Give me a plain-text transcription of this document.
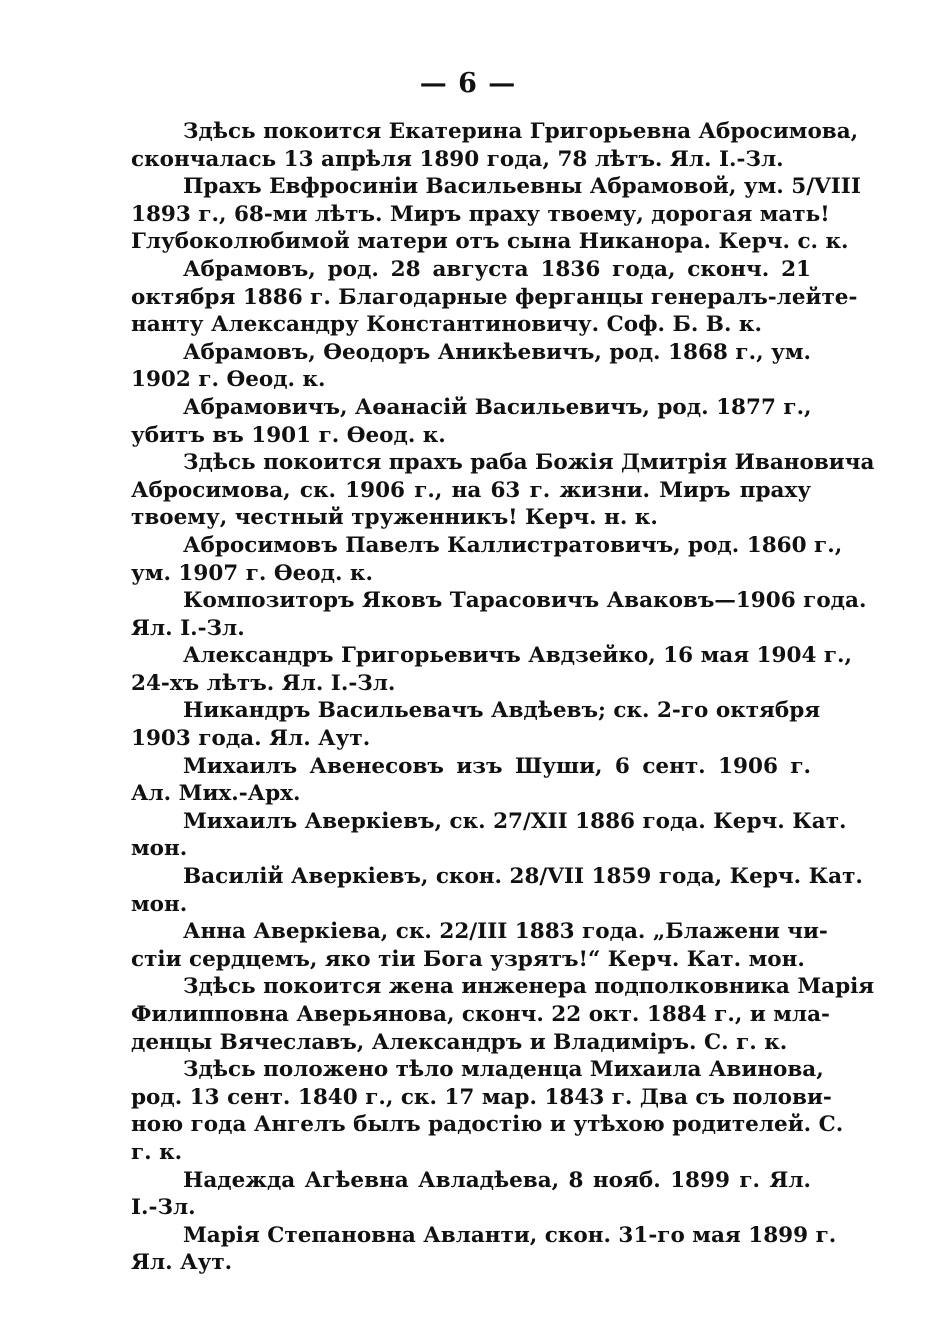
— 6 —
Здѣсь покоится Екатерина Григорьевна Абросимова,
скончалась 13 апрѣля 1890 года, 78 лѣтъ. Ял. I.-Зл.
Прахъ Евфросиніи Васильевны Абрамовой, ум. 5/VIII
1893 г., 68-ми лѣтъ. Миръ праху твоему, дорогая мать!
Глубоколюбимой матери отъ сына Никанора. Керч. с. к.
Абрамовъ, род. 28 августа 1836 года, сконч. 21
октября 1886 г. Благодарные ферганцы генералъ-лейте-
нанту Александру Константиновичу. Соф. Б. В. к.
Абрамовъ, Ѳеодоръ Аникѣевичъ, род. 1868 г., ум.
1902 г. Ѳеод. к.
Абрамовичъ, Аѳанасій Васильевичъ, род. 1877 г.,
убитъ въ 1901 г. Ѳеод. к.
Здѣсь покоится прахъ раба Божія Дмитрія Ивановича
Абросимова, ск. 1906 г., на 63 г. жизни. Миръ праху
твоему, честный труженникъ! Керч. н. к.
Абросимовъ Павелъ Каллистратовичъ, род. 1860 г.,
ум. 1907 г. Ѳеод. к.
Композиторъ Яковъ Тарасовичъ Аваковъ—1906 года.
Ял. I.-Зл.
Александръ Григорьевичъ Авдзейко, 16 мая 1904 г.,
24-хъ лѣтъ. Ял. I.-Зл.
Никандръ Васильевачъ Авдѣевъ; ск. 2-го октября
1903 года. Ял. Аут.
Михаилъ Авенесовъ изъ Шуши, 6 сент. 1906 г.
Ал. Мих.-Арх.
Михаилъ Аверкіевъ, ск. 27/XII 1886 года. Керч. Кат.
мон.
Василій Аверкіевъ, скон. 28/VII 1859 года, Керч. Кат.
мон.
Анна Аверкіева, ск. 22/III 1883 года. „Блажени чи-
стіи сердцемъ, яко тіи Бога узрятъ!“ Керч. Кат. мон.
Здѣсь покоится жена инженера подполковника Марія
Филипповна Аверьянова, сконч. 22 окт. 1884 г., и мла-
денцы Вячеславъ, Александръ и Владиміръ. С. г. к.
Здѣсь положено тѣло младенца Михаила Авинова,
род. 13 сент. 1840 г., ск. 17 мар. 1843 г. Два съ полови-
ною года Ангелъ былъ радостію и утѣхою родителей. С.
г. к.
Надежда Агѣевна Авладѣева, 8 нояб. 1899 г. Ял.
I.-Зл.
Марія Степановна Авланти, скон. 31-го мая 1899 г.
Ял. Аут.
